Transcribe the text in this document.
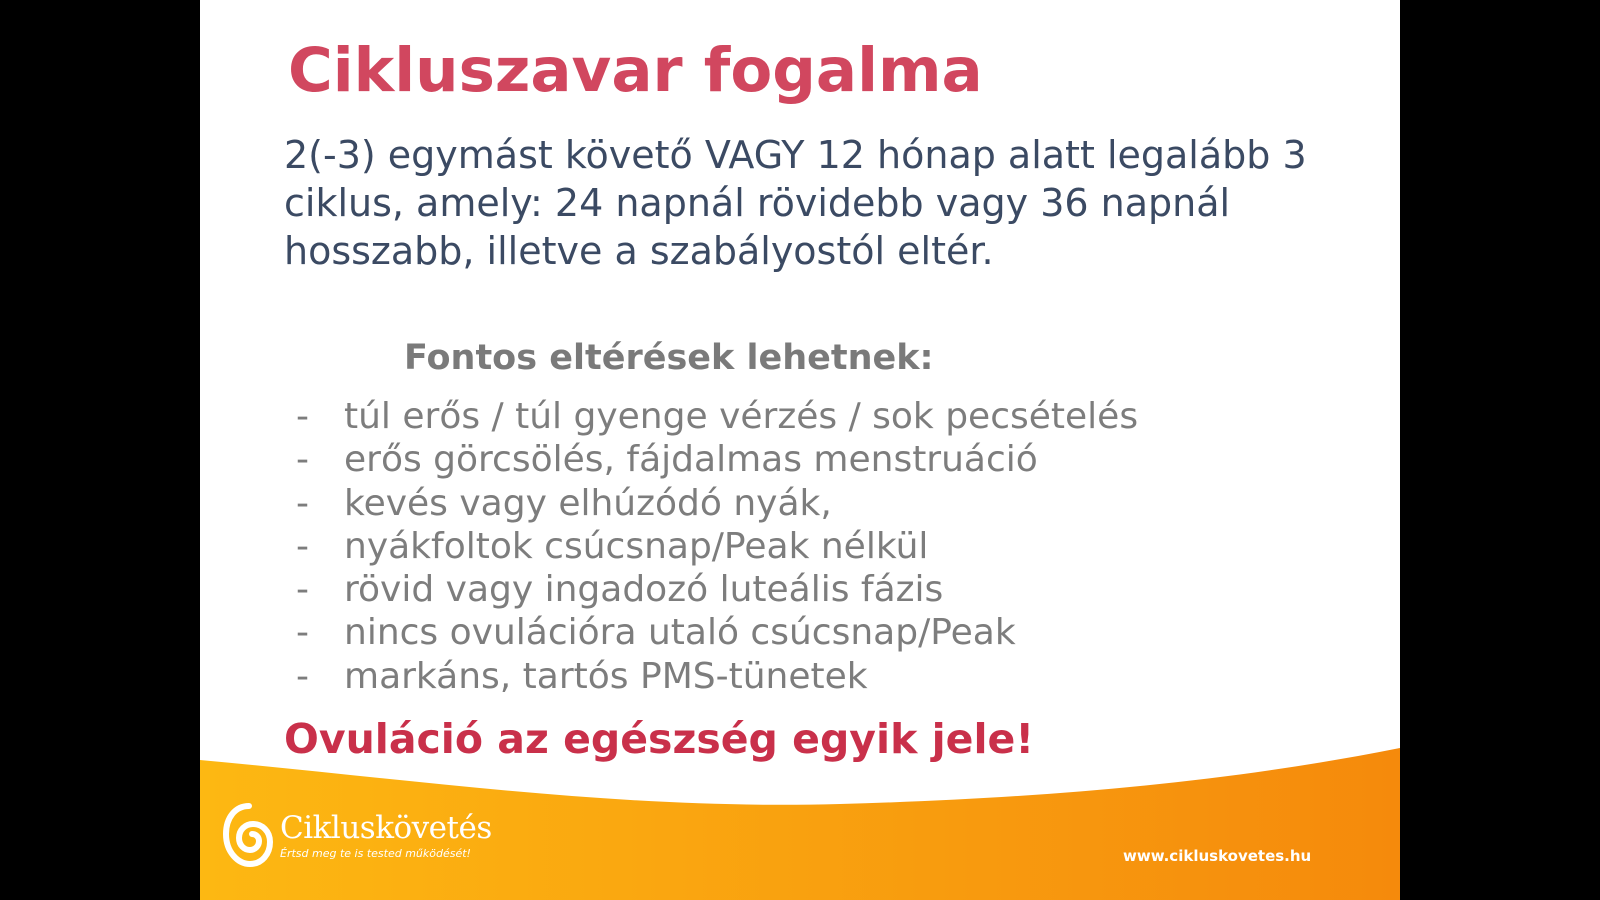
Cikluszavar fogalma

2(-3) egymást követő VAGY 12 hónap alatt legalább 3 ciklus, amely: 24 napnál rövidebb vagy 36 napnál hosszabb, illetve a szabályostól eltér.

Fontos eltérések lehetnek:
- túl erős / túl gyenge vérzés / sok pecsételés
- erős görcsölés, fájdalmas menstruáció
- kevés vagy elhúzódó nyák,
- nyákfoltok csúcsnap/Peak nélkül
- rövid vagy ingadozó luteális fázis
- nincs ovulációra utaló csúcsnap/Peak
- markáns, tartós PMS-tünetek

Ovuláció az egészség egyik jele!

Cikluskövetés
Értsd meg te is tested működését!	www.cikluskovetes.hu
